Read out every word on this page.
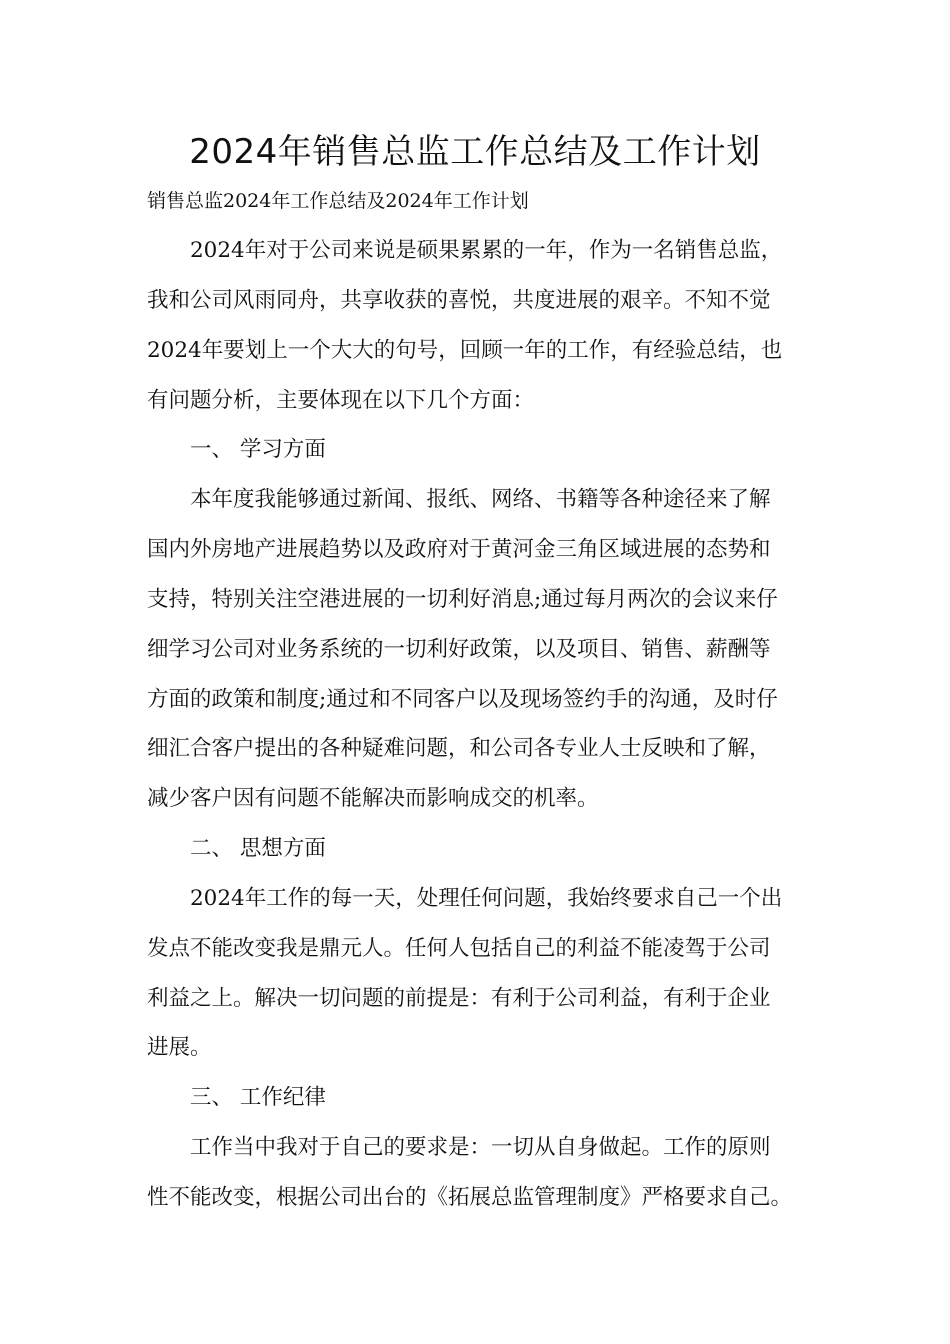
2024年销售总监工作总结及工作计划
销售总监2024年工作总结及2024年工作计划
2024年对于公司来说是硕果累累的一年，作为一名销售总监，
我和公司风雨同舟，共享收获的喜悦，共度进展的艰辛。不知不觉
2024年要划上一个大大的句号，回顾一年的工作，有经验总结，也
有问题分析，主要体现在以下几个方面：
一、 学习方面
本年度我能够通过新闻、报纸、网络、书籍等各种途径来了解
国内外房地产进展趋势以及政府对于黄河金三角区域进展的态势和
支持，特别关注空港进展的一切利好消息;通过每月两次的会议来仔
细学习公司对业务系统的一切利好政策，以及项目、销售、薪酬等
方面的政策和制度;通过和不同客户以及现场签约手的沟通，及时仔
细汇合客户提出的各种疑难问题，和公司各专业人士反映和了解，
减少客户因有问题不能解决而影响成交的机率。
二、 思想方面
2024年工作的每一天，处理任何问题，我始终要求自己一个出
发点不能改变我是鼎元人。任何人包括自己的利益不能凌驾于公司
利益之上。解决一切问题的前提是：有利于公司利益，有利于企业
进展。
三、 工作纪律
工作当中我对于自己的要求是：一切从自身做起。工作的原则
性不能改变，根据公司出台的《拓展总监管理制度》严格要求自己。
